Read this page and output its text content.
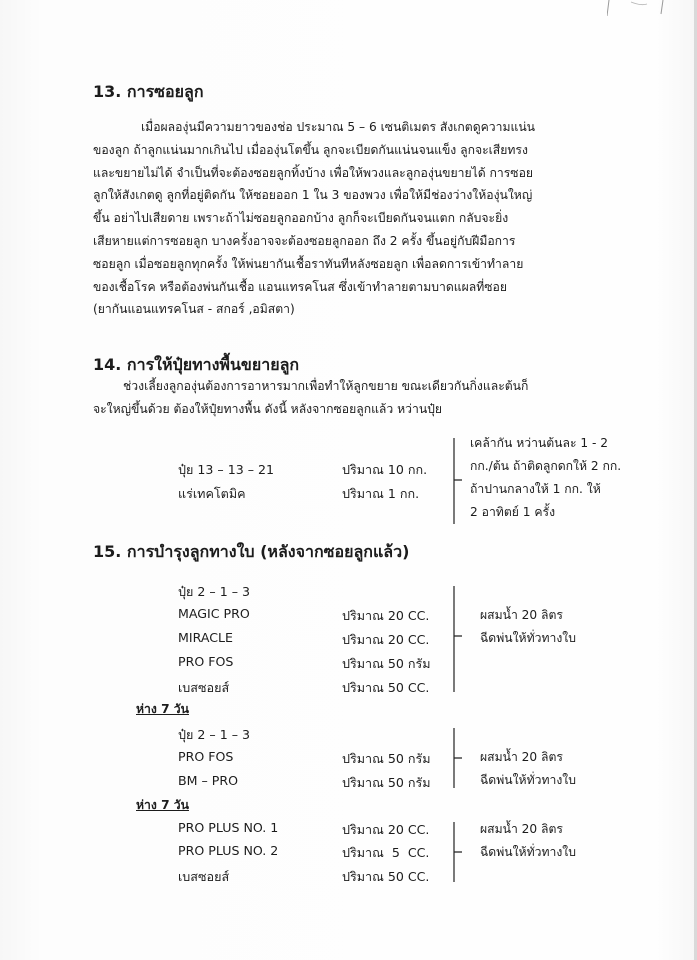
13. การซอยลูก
เมื่อผลองุ่นมีความยาวของช่อ ประมาณ 5 – 6 เซนติเมตร สังเกตดูความแน่น
ของลูก ถ้าลูกแน่นมากเกินไป เมื่อองุ่นโตขึ้น ลูกจะเบียดกันแน่นจนแข็ง ลูกจะเสียทรง
และขยายไม่ได้ จำเป็นที่จะต้องซอยลูกทิ้งบ้าง เพื่อให้พวงและลูกองุ่นขยายได้ การซอย
ลูกให้สังเกตดู ลูกที่อยู่ติดกัน ให้ซอยออก 1 ใน 3 ของพวง เพื่อให้มีช่องว่างให้องุ่นใหญ่
ขึ้น อย่าไปเสียดาย เพราะถ้าไม่ซอยลูกออกบ้าง ลูกก็จะเบียดกันจนแตก กลับจะยิ่ง
เสียหายแต่การซอยลูก บางครั้งอาจจะต้องซอยลูกออก ถึง 2 ครั้ง ขึ้นอยู่กับฝีมือการ
ซอยลูก เมื่อซอยลูกทุกครั้ง ให้พ่นยากันเชื้อราทันทีหลังซอยลูก เพื่อลดการเข้าทำลาย
ของเชื้อโรค หรือต้องพ่นกันเชื้อ แอนแทรคโนส ซึ่งเข้าทำลายตามบาดแผลที่ซอย
(ยากันแอนแทรคโนส - สกอร์ ,อมิสตา)
14. การให้ปุ๋ยทางพื้นขยายลูก
ช่วงเลี้ยงลูกองุ่นต้องการอาหารมากเพื่อทำให้ลูกขยาย ขณะเดียวกันกิ่งและต้นก็
จะใหญ่ขึ้นด้วย ต้องให้ปุ๋ยทางพื้น ดังนี้ หลังจากซอยลูกแล้ว หว่านปุ๋ย
ปุ๋ย 13 – 13 – 21	ปริมาณ 10 กก.
แร่เทคโตมิค	ปริมาณ 1 กก.
เคล้ากัน หว่านต้นละ 1 - 2
กก./ต้น ถ้าติดลูกดกให้ 2 กก.
ถ้าปานกลางให้ 1 กก. ให้
2 อาทิตย์ 1 ครั้ง
15. การบำรุงลูกทางใบ (หลังจากซอยลูกแล้ว)
ปุ๋ย 2 – 1 – 3
MAGIC PRO	ปริมาณ 20 CC.
MIRACLE	ปริมาณ 20 CC.
PRO FOS	ปริมาณ 50 กรัม
เบสซอยส์	ปริมาณ 50 CC.
ผสมน้ำ 20 ลิตร
ฉีดพ่นให้ทั่วทางใบ
ห่าง 7 วัน
ปุ๋ย 2 – 1 – 3
PRO FOS	ปริมาณ 50 กรัม
BM – PRO	ปริมาณ 50 กรัม
ผสมน้ำ 20 ลิตร
ฉีดพ่นให้ทั่วทางใบ
ห่าง 7 วัน
PRO PLUS NO. 1	ปริมาณ 20 CC.
PRO PLUS NO. 2	ปริมาณ  5  CC.
เบสซอยส์	ปริมาณ 50 CC.
ผสมน้ำ 20 ลิตร
ฉีดพ่นให้ทั่วทางใบ
